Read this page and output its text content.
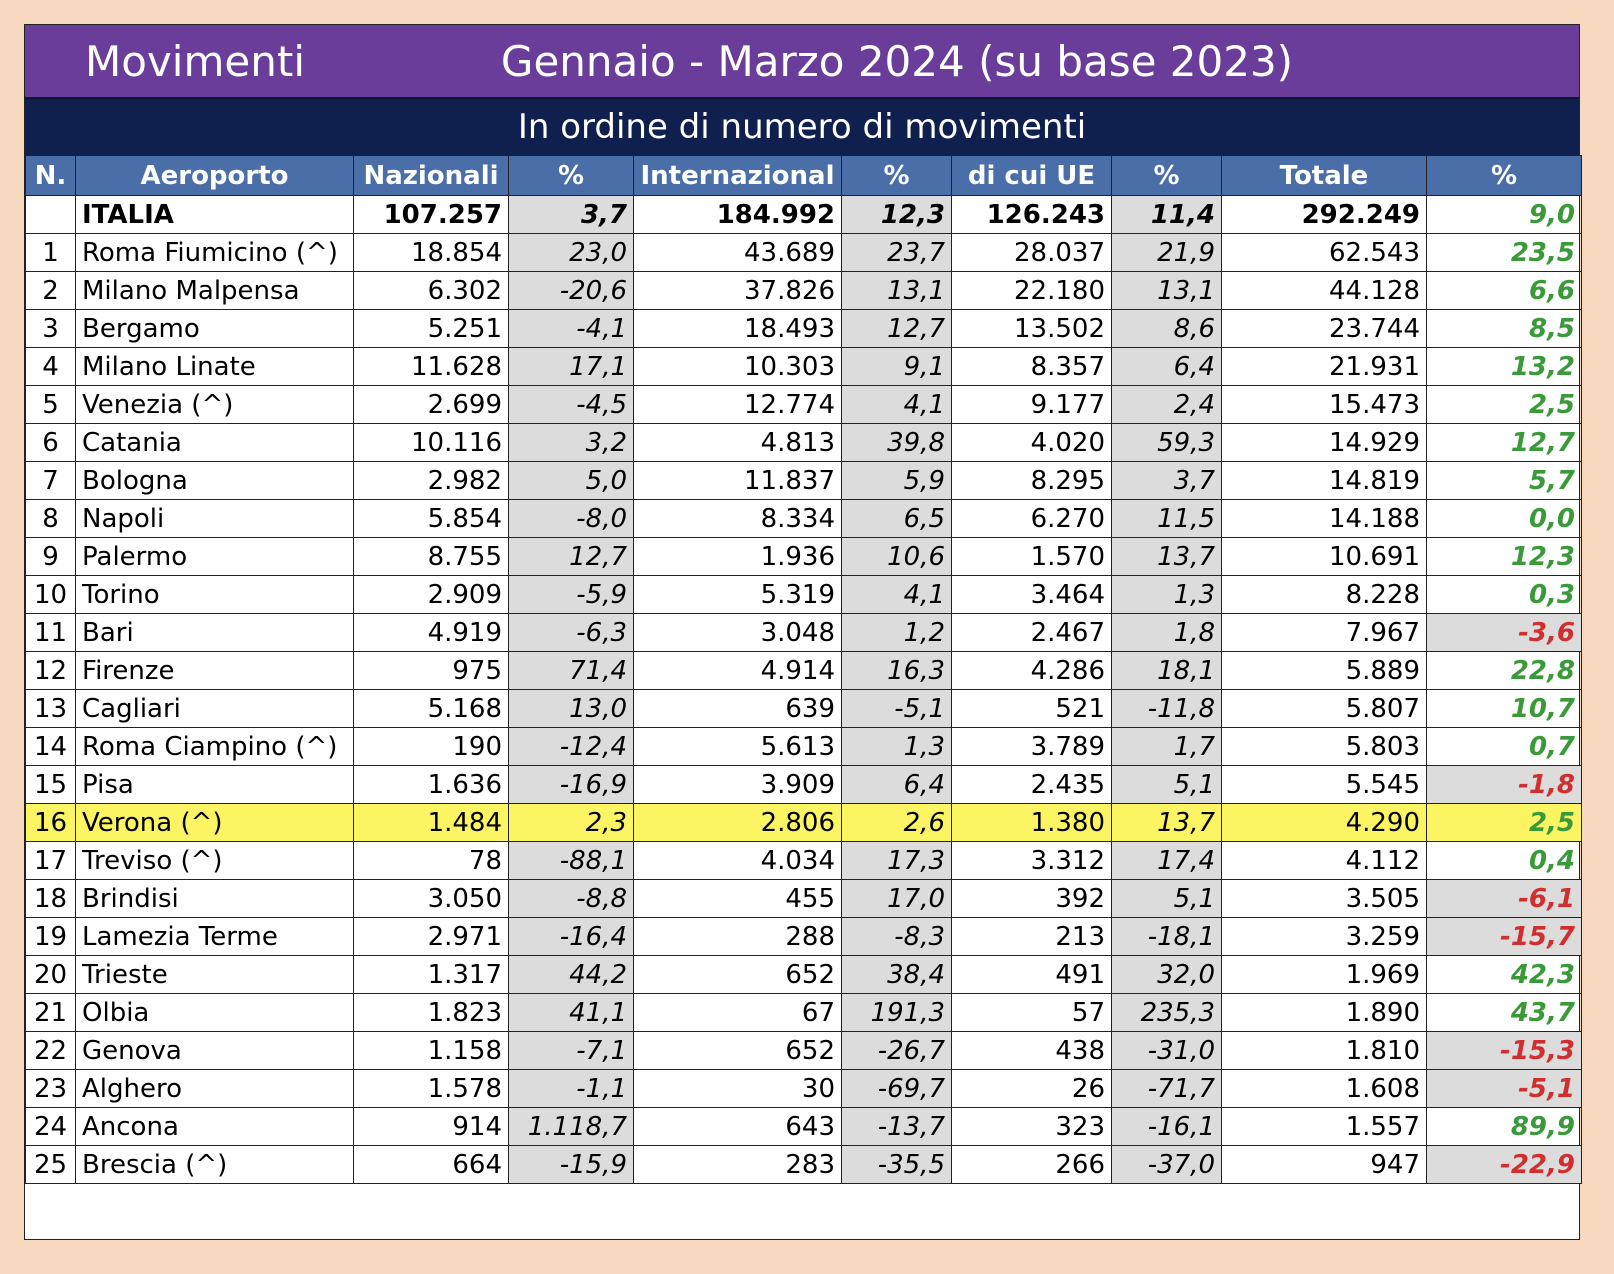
Movimenti	Gennaio - Marzo 2024 (su base 2023)
In ordine di numero di movimenti
N.	Aeroporto	Nazionali	%	Internazional	%	di cui UE	%	Totale	%
	ITALIA	107.257	3,7	184.992	12,3	126.243	11,4	292.249	9,0
1	Roma Fiumicino (^)	18.854	23,0	43.689	23,7	28.037	21,9	62.543	23,5
2	Milano Malpensa	6.302	-20,6	37.826	13,1	22.180	13,1	44.128	6,6
3	Bergamo	5.251	-4,1	18.493	12,7	13.502	8,6	23.744	8,5
4	Milano Linate	11.628	17,1	10.303	9,1	8.357	6,4	21.931	13,2
5	Venezia (^)	2.699	-4,5	12.774	4,1	9.177	2,4	15.473	2,5
6	Catania	10.116	3,2	4.813	39,8	4.020	59,3	14.929	12,7
7	Bologna	2.982	5,0	11.837	5,9	8.295	3,7	14.819	5,7
8	Napoli	5.854	-8,0	8.334	6,5	6.270	11,5	14.188	0,0
9	Palermo	8.755	12,7	1.936	10,6	1.570	13,7	10.691	12,3
10	Torino	2.909	-5,9	5.319	4,1	3.464	1,3	8.228	0,3
11	Bari	4.919	-6,3	3.048	1,2	2.467	1,8	7.967	-3,6
12	Firenze	975	71,4	4.914	16,3	4.286	18,1	5.889	22,8
13	Cagliari	5.168	13,0	639	-5,1	521	-11,8	5.807	10,7
14	Roma Ciampino (^)	190	-12,4	5.613	1,3	3.789	1,7	5.803	0,7
15	Pisa	1.636	-16,9	3.909	6,4	2.435	5,1	5.545	-1,8
16	Verona (^)	1.484	2,3	2.806	2,6	1.380	13,7	4.290	2,5
17	Treviso (^)	78	-88,1	4.034	17,3	3.312	17,4	4.112	0,4
18	Brindisi	3.050	-8,8	455	17,0	392	5,1	3.505	-6,1
19	Lamezia Terme	2.971	-16,4	288	-8,3	213	-18,1	3.259	-15,7
20	Trieste	1.317	44,2	652	38,4	491	32,0	1.969	42,3
21	Olbia	1.823	41,1	67	191,3	57	235,3	1.890	43,7
22	Genova	1.158	-7,1	652	-26,7	438	-31,0	1.810	-15,3
23	Alghero	1.578	-1,1	30	-69,7	26	-71,7	1.608	-5,1
24	Ancona	914	1.118,7	643	-13,7	323	-16,1	1.557	89,9
25	Brescia (^)	664	-15,9	283	-35,5	266	-37,0	947	-22,9
